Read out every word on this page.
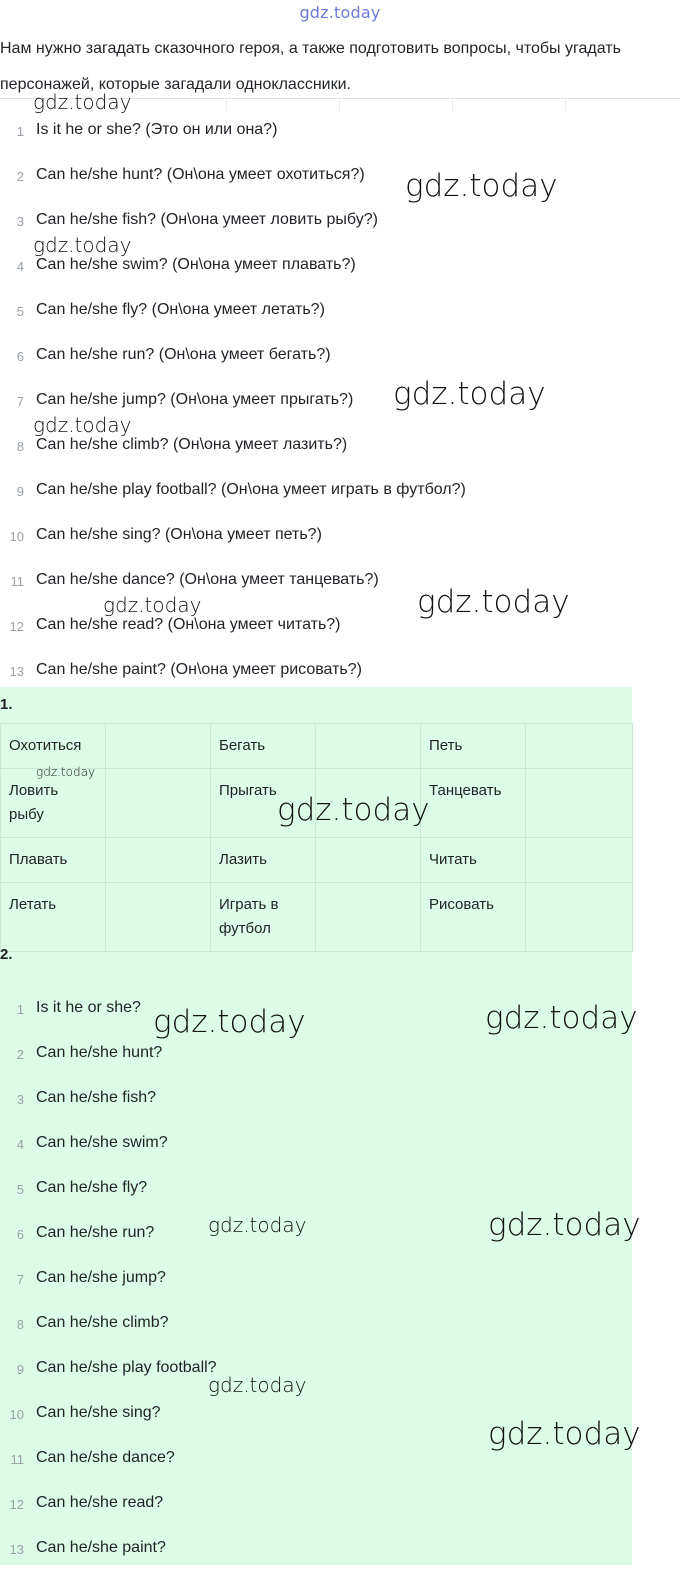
gdz.today
Нам нужно загадать сказочного героя, а также подготовить вопросы, чтобы угадать персонажей, которые загадали одноклассники.
1 Is it he or she? (Это он или она?)
2 Can he/she hunt? (Он\она умеет охотиться?)
3 Can he/she fish? (Он\она умеет ловить рыбу?)
4 Can he/she swim? (Он\она умеет плавать?)
5 Can he/she fly? (Он\она умеет летать?)
6 Can he/she run? (Он\она умеет бегать?)
7 Can he/she jump? (Он\она умеет прыгать?)
8 Can he/she climb? (Он\она умеет лазить?)
9 Can he/she play football? (Он\она умеет играть в футбол?)
10 Can he/she sing? (Он\она умеет петь?)
11 Can he/she dance? (Он\она умеет танцевать?)
12 Can he/she read? (Он\она умеет читать?)
13 Can he/she paint? (Он\она умеет рисовать?)
1.
Охотиться		Бегать		Петь	
Ловить рыбу		Прыгать		Танцевать	
Плавать		Лазить		Читать	
Летать		Играть в футбол		Рисовать	
2.
1 Is it he or she?
2 Can he/she hunt?
3 Can he/she fish?
4 Can he/she swim?
5 Can he/she fly?
6 Can he/she run?
7 Can he/she jump?
8 Can he/she climb?
9 Can he/she play football?
10 Can he/she sing?
11 Can he/she dance?
12 Can he/she read?
13 Can he/she paint?
gdz.today
gdz.today
gdz.today
gdz.today
gdz.today
gdz.today	gdz.today
gdz.today
gdz.today
gdz.today	gdz.today
gdz.today	gdz.today
gdz.today
gdz.today
